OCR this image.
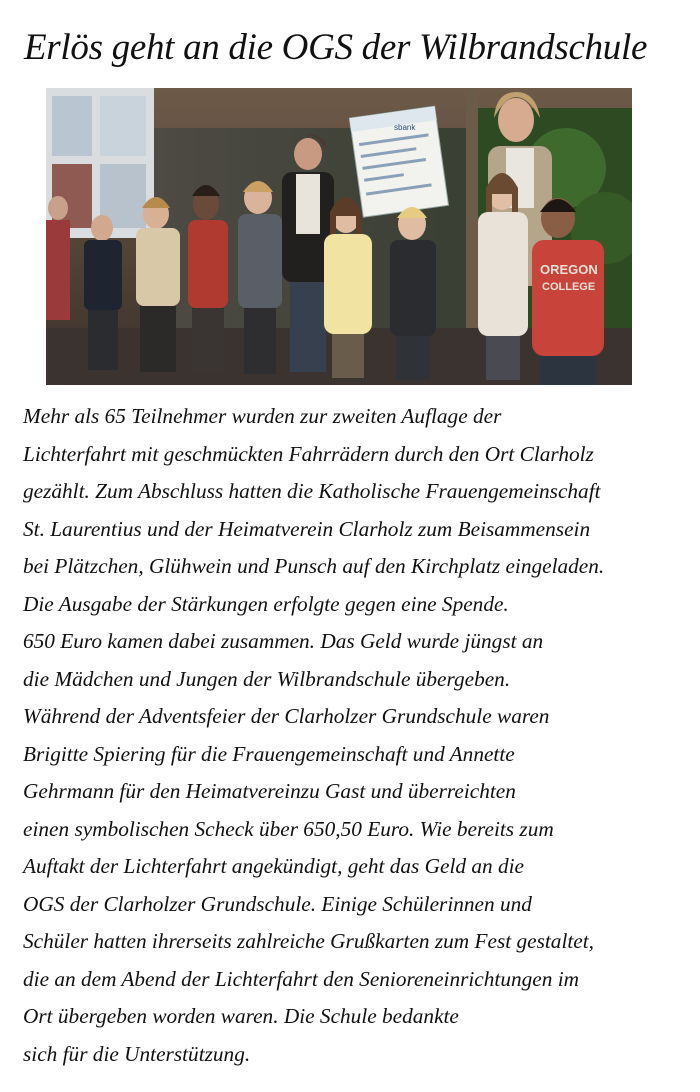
Erlös geht an die OGS der Wilbrandschule
sbank
OREGON
COLLEGE
Mehr als 65 Teilnehmer wurden zur zweiten Auflage der
Lichterfahrt mit geschmückten Fahrrädern durch den Ort Clarholz
gezählt. Zum Abschluss hatten die Katholische Frauengemeinschaft
St. Laurentius und der Heimatverein Clarholz zum Beisammensein
bei Plätzchen, Glühwein und Punsch auf den Kirchplatz eingeladen.
Die Ausgabe der Stärkungen erfolgte gegen eine Spende.
650 Euro kamen dabei zusammen. Das Geld wurde jüngst an
die Mädchen und Jungen der Wilbrandschule übergeben.
Während der Adventsfeier der Clarholzer Grundschule waren
Brigitte Spiering für die Frauengemeinschaft und Annette
Gehrmann für den Heimatvereinzu Gast und überreichten
einen symbolischen Scheck über 650,50 Euro. Wie bereits zum
Auftakt der Lichterfahrt angekündigt, geht das Geld an die
OGS der Clarholzer Grundschule. Einige Schülerinnen und
Schüler hatten ihrerseits zahlreiche Grußkarten zum Fest gestaltet,
die an dem Abend der Lichterfahrt den Senioreneinrichtungen im
Ort übergeben worden waren. Die Schule bedankte
sich für die Unterstützung.
